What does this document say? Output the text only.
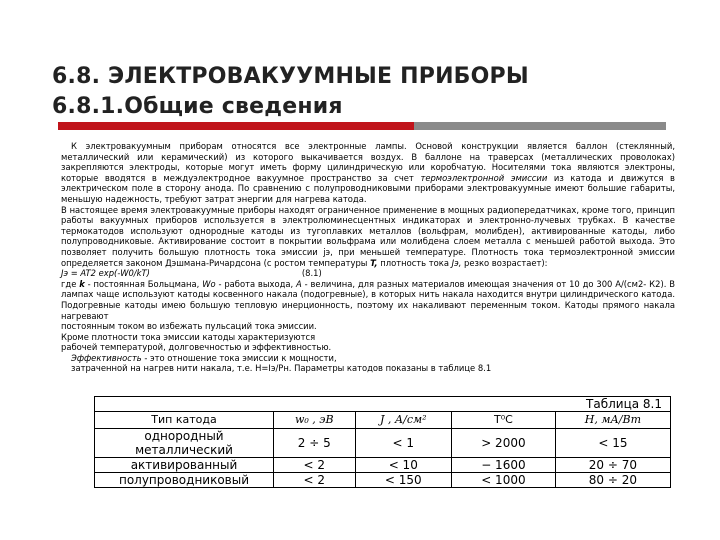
6.8. ЭЛЕКТРОВАКУУМНЫЕ ПРИБОРЫ
6.8.1.Общие сведения

К электровакуумным приборам относятся все электронные лампы. Основой конструкции является баллон (стеклянный, металлический или керамический) из которого выкачивается воздух. В баллоне на траверсах (металлических проволоках) закрепляются электроды, которые могут иметь форму цилиндрическую или коробчатую. Носителями тока являются электроны, которые вводятся в междуэлектродное вакуумное пространство за счет термоэлектронной эмиссии из катода и движутся в электрическом поле в сторону анода. По сравнению с полупроводниковыми приборами электровакуумные имеют большие габариты, меньшую надежность, требуют затрат энергии для нагрева катода.

В настоящее время электровакуумные приборы находят ограниченное применение в мощных радиопередатчиках, кроме того, принцип работы вакуумных приборов используется в электролюминесцентных индикаторах и электронно-лучевых трубках. В качестве термокатодов используют однородные катоды из тугоплавких металлов (вольфрам, молибден), активированные катоды, либо полупроводниковые. Активирование состоит в покрытии вольфрама или молибдена слоем металла с меньшей работой выхода. Это позволяет получить большую плотность тока эмиссии jэ, при меньшей температуре. Плотность тока термоэлектронной эмиссии определяется законом Дэшмана-Ричардсона (с ростом температуры T, плотность тока Jэ, резко возрастает):

Jэ = AT2 exp(-W0/kT)	(8.1)

где k - постоянная Больцмана, Wo - работа выхода, A - величина, для разных материалов имеющая значения от 10 до 300 А/(см2- К2). В лампах чаще используют катоды косвенного накала (подогревные), в которых нить накала находится внутри цилиндрического катода. Подогревные катоды имею большую тепловую инерционность, поэтому их накаливают переменным током. Катоды прямого накала нагревают

постоянным током во избежать пульсаций тока эмиссии.

Кроме плотности тока эмиссии катоды характеризуются

рабочей температурой, долговечностью и эффективностью.

Эффективность - это отношение тока эмиссии к мощности,

затраченной на нагрев нити накала, т.е. H=Iэ/Pн. Параметры катодов показаны в таблице 8.1

Таблица 8.1
Тип катода	w₀ , эВ	J , А/см²	T⁰C	H, мА/Вт
однородный металлический	2 ÷ 5	< 1	> 2000	< 15
активированный	< 2	< 10	− 1600	20 ÷ 70
полупроводниковый	< 2	< 150	< 1000	80 ÷ 20
